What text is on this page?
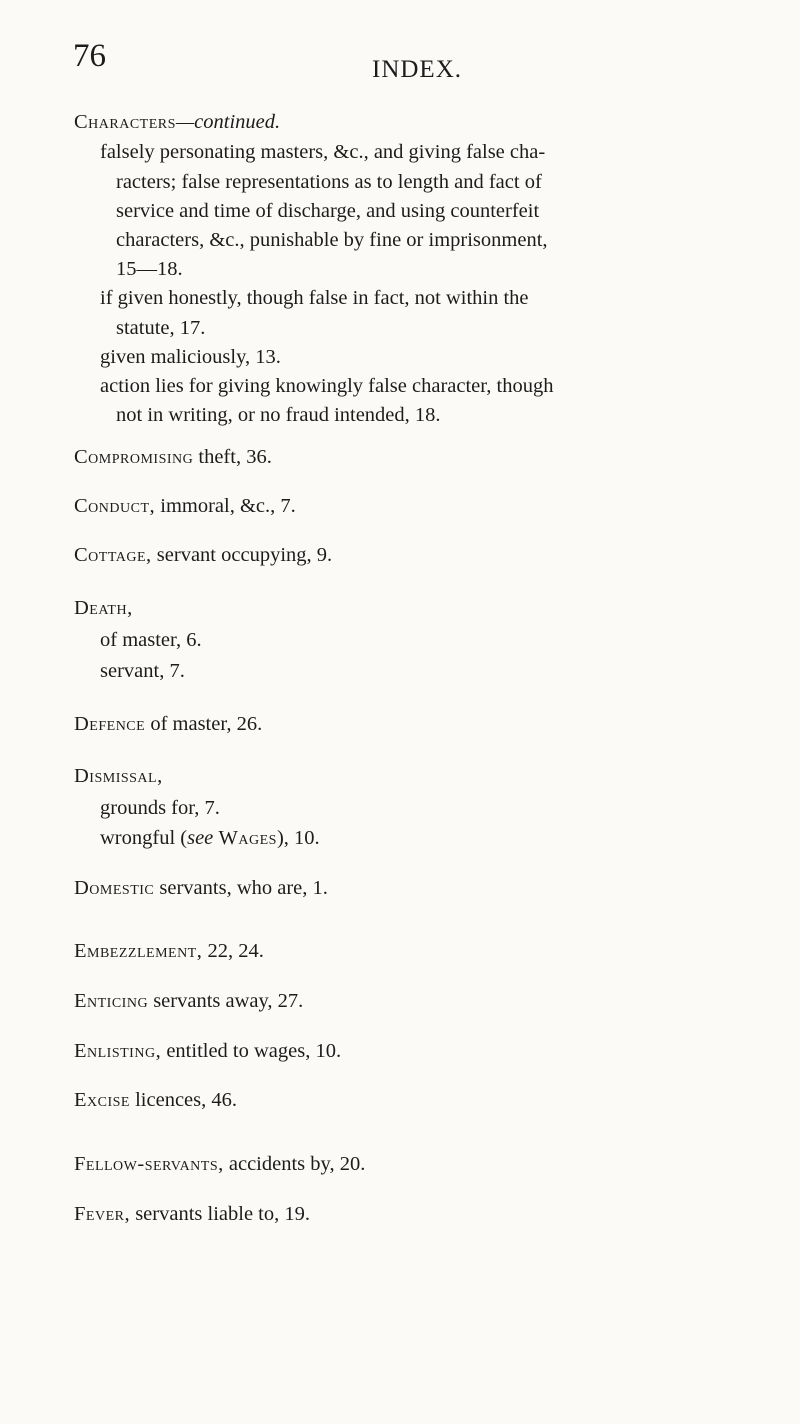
76	INDEX.
Characters—continued.
falsely personating masters, &c., and giving false cha-
racters; false representations as to length and fact of
service and time of discharge, and using counterfeit
characters, &c., punishable by fine or imprisonment,
15—18.
if given honestly, though false in fact, not within the
statute, 17.
given maliciously, 13.
action lies for giving knowingly false character, though
not in writing, or no fraud intended, 18.
Compromising theft, 36.
Conduct, immoral, &c., 7.
Cottage, servant occupying, 9.
Death,
of master, 6.
servant, 7.
Defence of master, 26.
Dismissal,
grounds for, 7.
wrongful (see Wages), 10.
Domestic servants, who are, 1.
Embezzlement, 22, 24.
Enticing servants away, 27.
Enlisting, entitled to wages, 10.
Excise licences, 46.
Fellow-servants, accidents by, 20.
Fever, servants liable to, 19.
